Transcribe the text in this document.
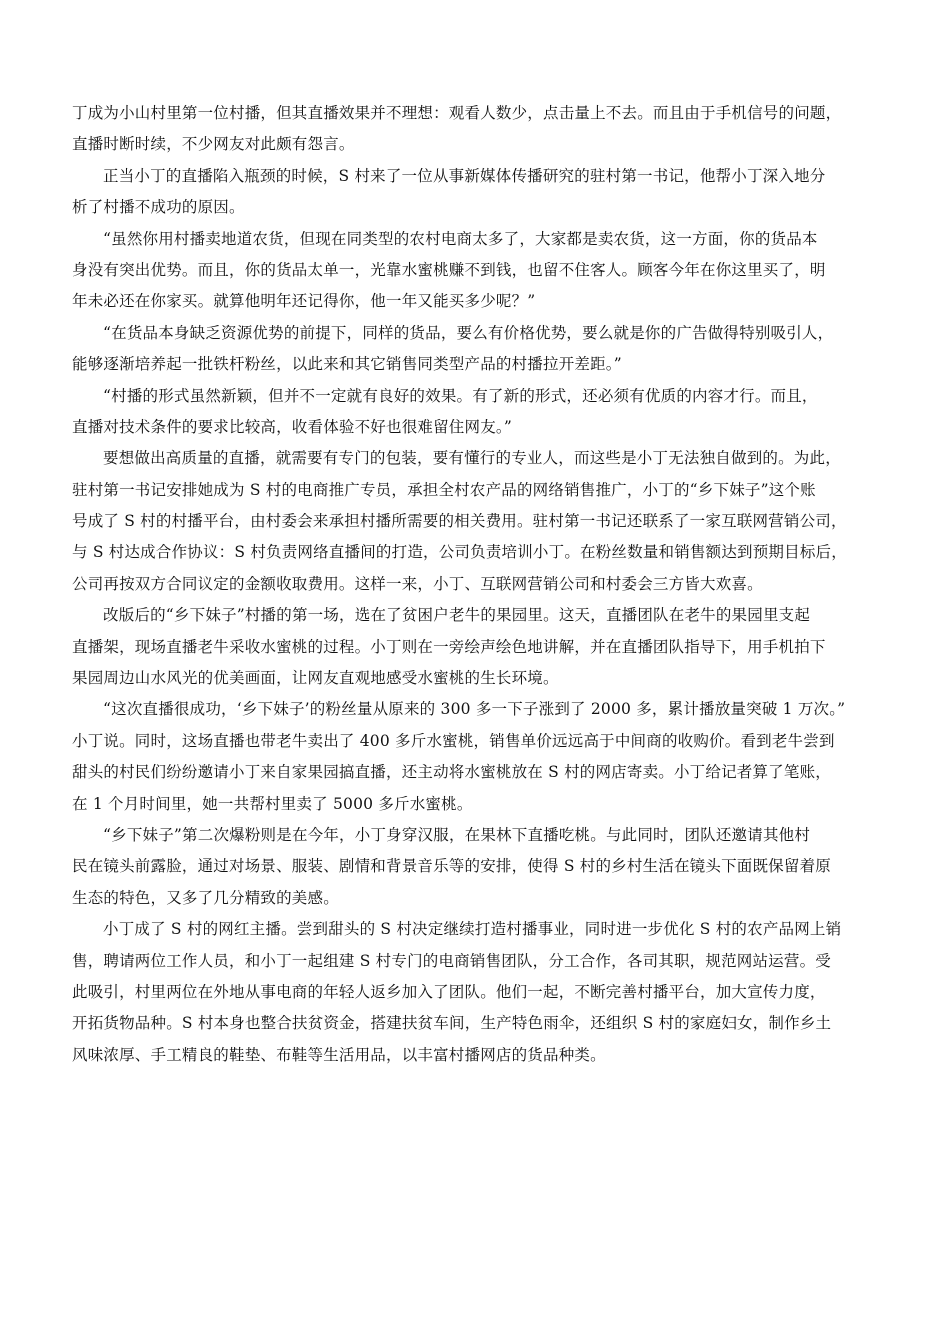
丁成为小山村里第一位村播，但其直播效果并不理想：观看人数少，点击量上不去。而且由于手机信号的问题，
直播时断时续，不少网友对此颇有怨言。
正当小丁的直播陷入瓶颈的时候，S 村来了一位从事新媒体传播研究的驻村第一书记，他帮小丁深入地分
析了村播不成功的原因。
“虽然你用村播卖地道农货，但现在同类型的农村电商太多了，大家都是卖农货，这一方面，你的货品本
身没有突出优势。而且，你的货品太单一，光靠水蜜桃赚不到钱，也留不住客人。顾客今年在你这里买了，明
年未必还在你家买。就算他明年还记得你，他一年又能买多少呢？”
“在货品本身缺乏资源优势的前提下，同样的货品，要么有价格优势，要么就是你的广告做得特别吸引人，
能够逐渐培养起一批铁杆粉丝，以此来和其它销售同类型产品的村播拉开差距。”
“村播的形式虽然新颖，但并不一定就有良好的效果。有了新的形式，还必须有优质的内容才行。而且，
直播对技术条件的要求比较高，收看体验不好也很难留住网友。”
要想做出高质量的直播，就需要有专门的包装，要有懂行的专业人，而这些是小丁无法独自做到的。为此，
驻村第一书记安排她成为 S 村的电商推广专员，承担全村农产品的网络销售推广，小丁的“乡下妹子”这个账
号成了 S 村的村播平台，由村委会来承担村播所需要的相关费用。驻村第一书记还联系了一家互联网营销公司，
与 S 村达成合作协议：S 村负责网络直播间的打造，公司负责培训小丁。在粉丝数量和销售额达到预期目标后，
公司再按双方合同议定的金额收取费用。这样一来，小丁、互联网营销公司和村委会三方皆大欢喜。
改版后的“乡下妹子”村播的第一场，选在了贫困户老牛的果园里。这天，直播团队在老牛的果园里支起
直播架，现场直播老牛采收水蜜桃的过程。小丁则在一旁绘声绘色地讲解，并在直播团队指导下，用手机拍下
果园周边山水风光的优美画面，让网友直观地感受水蜜桃的生长环境。
“这次直播很成功，‘乡下妹子’的粉丝量从原来的 300 多一下子涨到了 2000 多，累计播放量突破 1 万次。”
小丁说。同时，这场直播也带老牛卖出了 400 多斤水蜜桃，销售单价远远高于中间商的收购价。看到老牛尝到
甜头的村民们纷纷邀请小丁来自家果园搞直播，还主动将水蜜桃放在 S 村的网店寄卖。小丁给记者算了笔账，
在 1 个月时间里，她一共帮村里卖了 5000 多斤水蜜桃。
“乡下妹子”第二次爆粉则是在今年，小丁身穿汉服，在果林下直播吃桃。与此同时，团队还邀请其他村
民在镜头前露脸，通过对场景、服装、剧情和背景音乐等的安排，使得 S 村的乡村生活在镜头下面既保留着原
生态的特色，又多了几分精致的美感。
小丁成了 S 村的网红主播。尝到甜头的 S 村决定继续打造村播事业，同时进一步优化 S 村的农产品网上销
售，聘请两位工作人员，和小丁一起组建 S 村专门的电商销售团队，分工合作，各司其职，规范网站运营。受
此吸引，村里两位在外地从事电商的年轻人返乡加入了团队。他们一起，不断完善村播平台，加大宣传力度，
开拓货物品种。S 村本身也整合扶贫资金，搭建扶贫车间，生产特色雨伞，还组织 S 村的家庭妇女，制作乡土
风味浓厚、手工精良的鞋垫、布鞋等生活用品，以丰富村播网店的货品种类。
